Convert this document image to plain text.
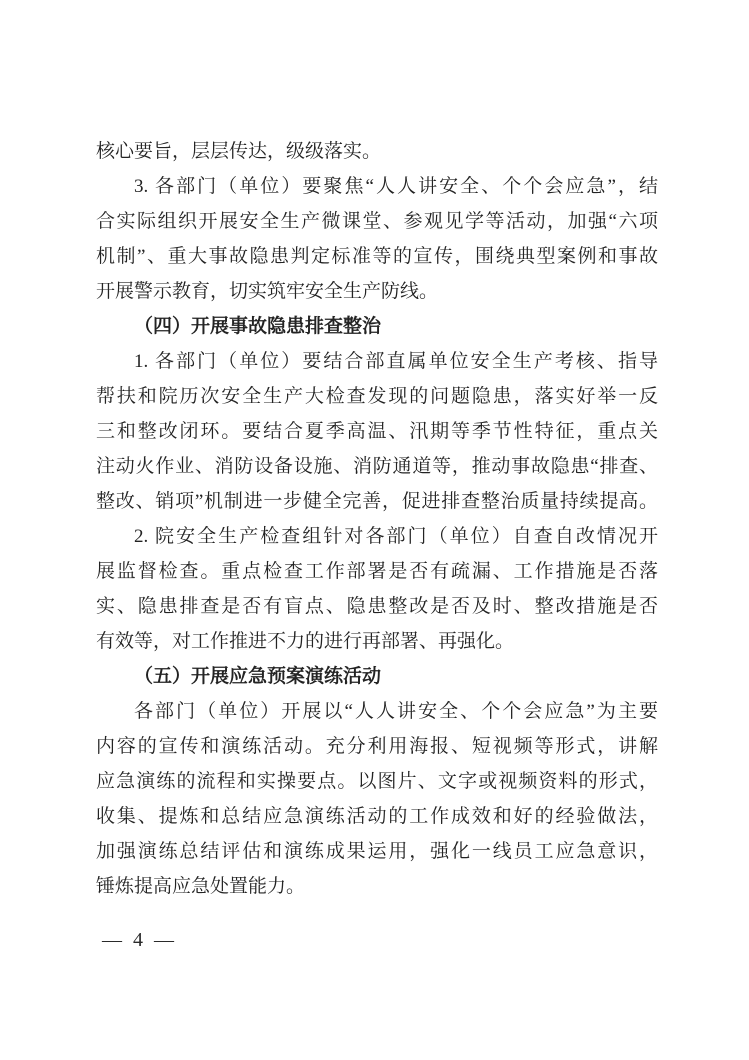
核心要旨，层层传达，级级落实。
3. 各部门（单位）要聚焦“人人讲安全、个个会应急”，结
合实际组织开展安全生产微课堂、参观见学等活动，加强“六项
机制”、重大事故隐患判定标准等的宣传，围绕典型案例和事故
开展警示教育，切实筑牢安全生产防线。
（四）开展事故隐患排查整治
1. 各部门（单位）要结合部直属单位安全生产考核、指导
帮扶和院历次安全生产大检查发现的问题隐患，落实好举一反
三和整改闭环。要结合夏季高温、汛期等季节性特征，重点关
注动火作业、消防设备设施、消防通道等，推动事故隐患“排查、
整改、销项”机制进一步健全完善，促进排查整治质量持续提高。
2. 院安全生产检查组针对各部门（单位）自查自改情况开
展监督检查。重点检查工作部署是否有疏漏、工作措施是否落
实、隐患排查是否有盲点、隐患整改是否及时、整改措施是否
有效等，对工作推进不力的进行再部署、再强化。
（五）开展应急预案演练活动
各部门（单位）开展以“人人讲安全、个个会应急”为主要
内容的宣传和演练活动。充分利用海报、短视频等形式，讲解
应急演练的流程和实操要点。以图片、文字或视频资料的形式，
收集、提炼和总结应急演练活动的工作成效和好的经验做法，
加强演练总结评估和演练成果运用，强化一线员工应急意识，
锤炼提高应急处置能力。
— 4 —
